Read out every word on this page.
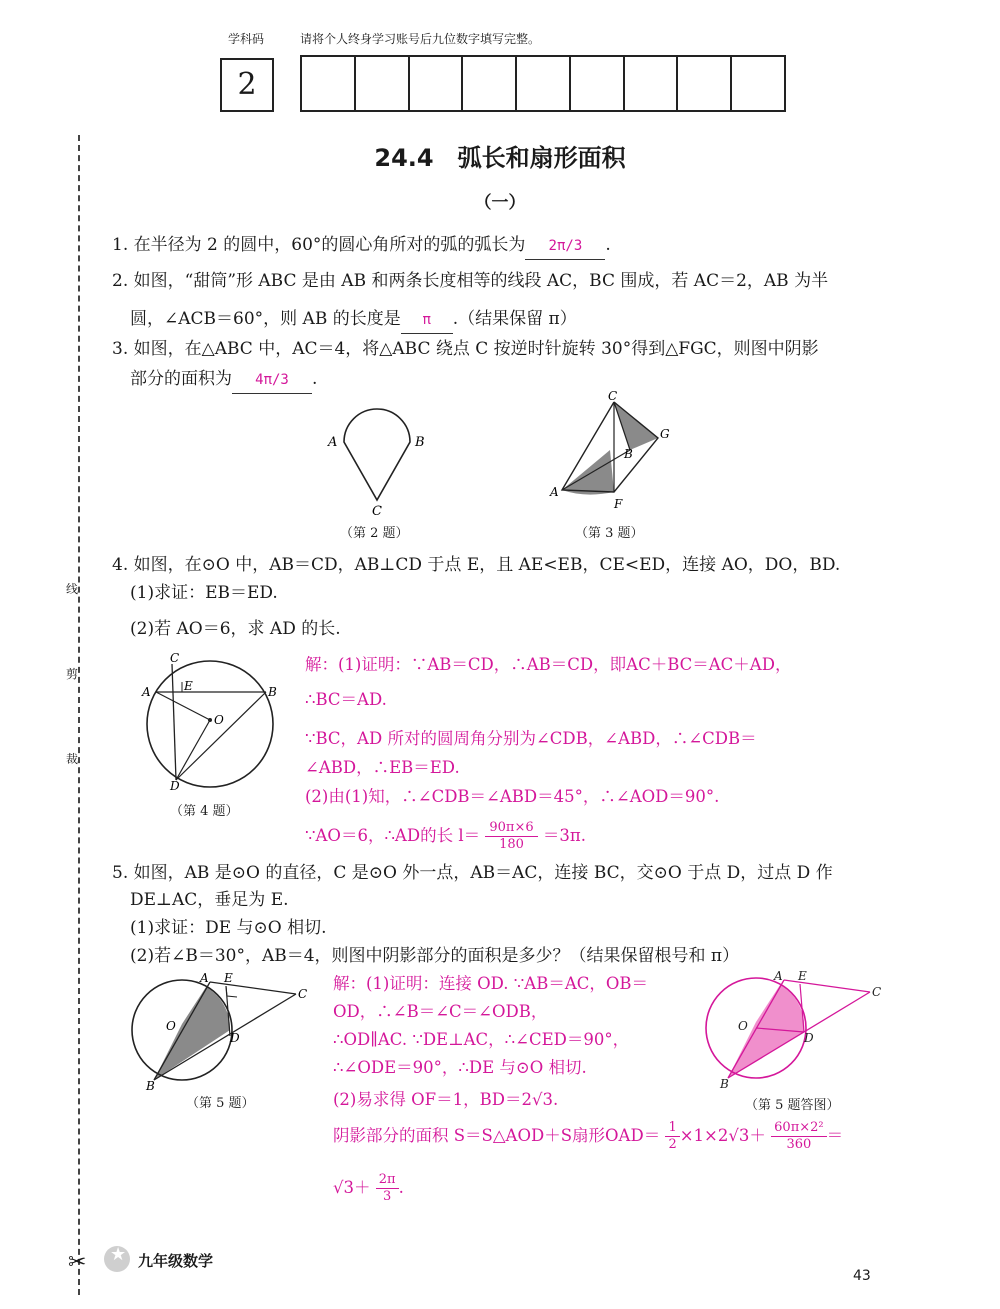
学科码	请将个人终身学习账号后九位数字填写完整。
2
线
剪
裁
✂
24.4　弧长和扇形面积
（一）
1. 在半径为 2 的圆中，60°的圆心角所对的弧的弧长为 2π/3 .
2. 如图，“甜筒”形 ABC 是由 AB 和两条长度相等的线段 AC，BC 围成，若 AC＝2，AB 为半
圆，∠ACB＝60°，则 AB 的长度是 π .（结果保留 π）
3. 如图，在△ABC 中，AC＝4，将△ABC 绕点 C 按逆时针旋转 30°得到△FGC，则图中阴影
部分的面积为 4π/3 .
A	B
C
（第 2 题）
C
G
B
A
F
（第 3 题）
4. 如图，在⊙O 中，AB＝CD，AB⊥CD 于点 E，且 AE<EB，CE<ED，连接 AO，DO，BD.
(1)求证：EB＝ED.
(2)若 AO＝6，求 AD 的长.
C
A	E	B
O
D
（第 4 题）
解：(1)证明：∵AB＝CD，∴AB＝CD，即AC＋BC＝AC＋AD，
∴BC＝AD.
∵BC，AD 所对的圆周角分别为∠CDB，∠ABD，∴∠CDB＝
∠ABD，∴EB＝ED.
(2)由(1)知，∴∠CDB＝∠ABD＝45°，∴∠AOD＝90°.
∵AO＝6，∴AD的长 $l= \frac{90\pi\times 6}{180} =3\pi$.
5. 如图，AB 是⊙O 的直径，C 是⊙O 外一点，AB＝AC，连接 BC，交⊙O 于点 D，过点 D 作
DE⊥AC，垂足为 E.
(1)求证：DE 与⊙O 相切.
(2)若∠B＝30°，AB＝4，则图中阴影部分的面积是多少？（结果保留根号和 π）
A E
C
O
D
B
（第 5 题）
解：(1)证明：连接 OD. ∵AB＝AC，OB＝
OD，∴∠B＝∠C＝∠ODB，
∴OD∥AC. ∵DE⊥AC，∴∠CED＝90°，
∴∠ODE＝90°，∴DE 与⊙O 相切.
(2)易求得 OF＝1，BD＝2√3.
阴影部分的面积 S＝S△AOD＋S扇形$OAD= \frac{1}{2} \times 1\times 2√3+ \frac{\text{60π×2²}}{360}$ ＝
$√3+ \frac{2\pi}{3}$ .
A E
C
O
D
B
（第 5 题答图）
★ 九年级数学
43
